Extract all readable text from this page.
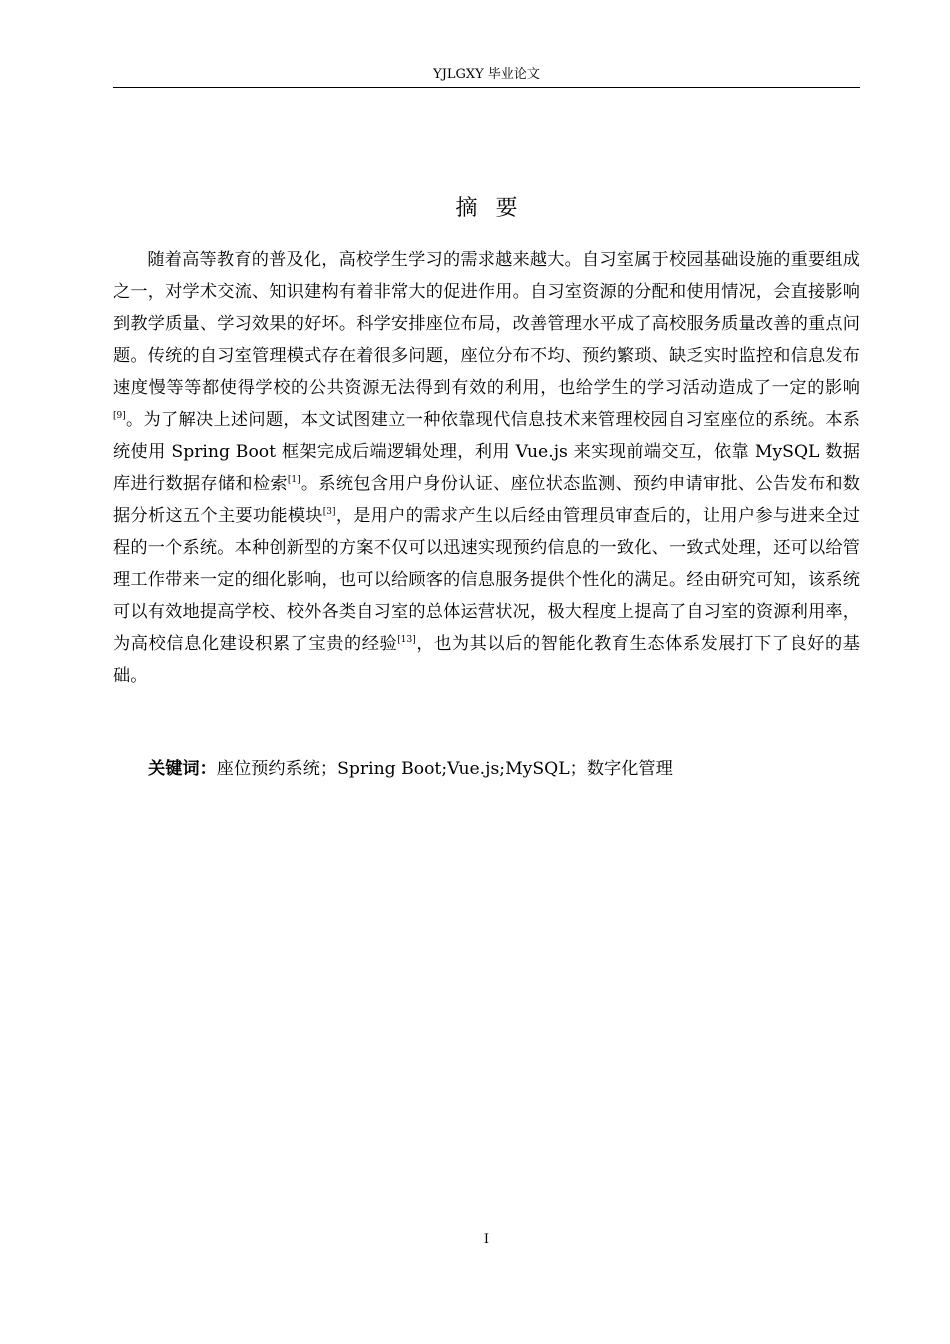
YJLGXY 毕业论文
摘要

随着高等教育的普及化，高校学生学习的需求越来越大。自习室属于校园基础设施的重要组成之一，对学术交流、知识建构有着非常大的促进作用。自习室资源的分配和使用情况，会直接影响到教学质量、学习效果的好坏。科学安排座位布局，改善管理水平成了高校服务质量改善的重点问题。传统的自习室管理模式存在着很多问题，座位分布不均、预约繁琐、缺乏实时监控和信息发布速度慢等等都使得学校的公共资源无法得到有效的利用，也给学生的学习活动造成了一定的影响[9]。为了解决上述问题，本文试图建立一种依靠现代信息技术来管理校园自习室座位的系统。本系统使用 Spring Boot 框架完成后端逻辑处理，利用 Vue.js 来实现前端交互，依靠 MySQL 数据库进行数据存储和检索[1]。系统包含用户身份认证、座位状态监测、预约申请审批、公告发布和数据分析这五个主要功能模块[3]，是用户的需求产生以后经由管理员审查后的，让用户参与进来全过程的一个系统。本种创新型的方案不仅可以迅速实现预约信息的一致化、一致式处理，还可以给管理工作带来一定的细化影响，也可以给顾客的信息服务提供个性化的满足。经由研究可知，该系统可以有效地提高学校、校外各类自习室的总体运营状况，极大程度上提高了自习室的资源利用率，为高校信息化建设积累了宝贵的经验[13]，也为其以后的智能化教育生态体系发展打下了良好的基础。

关键词：座位预约系统；Spring Boot;Vue.js;MySQL；数字化管理
I
